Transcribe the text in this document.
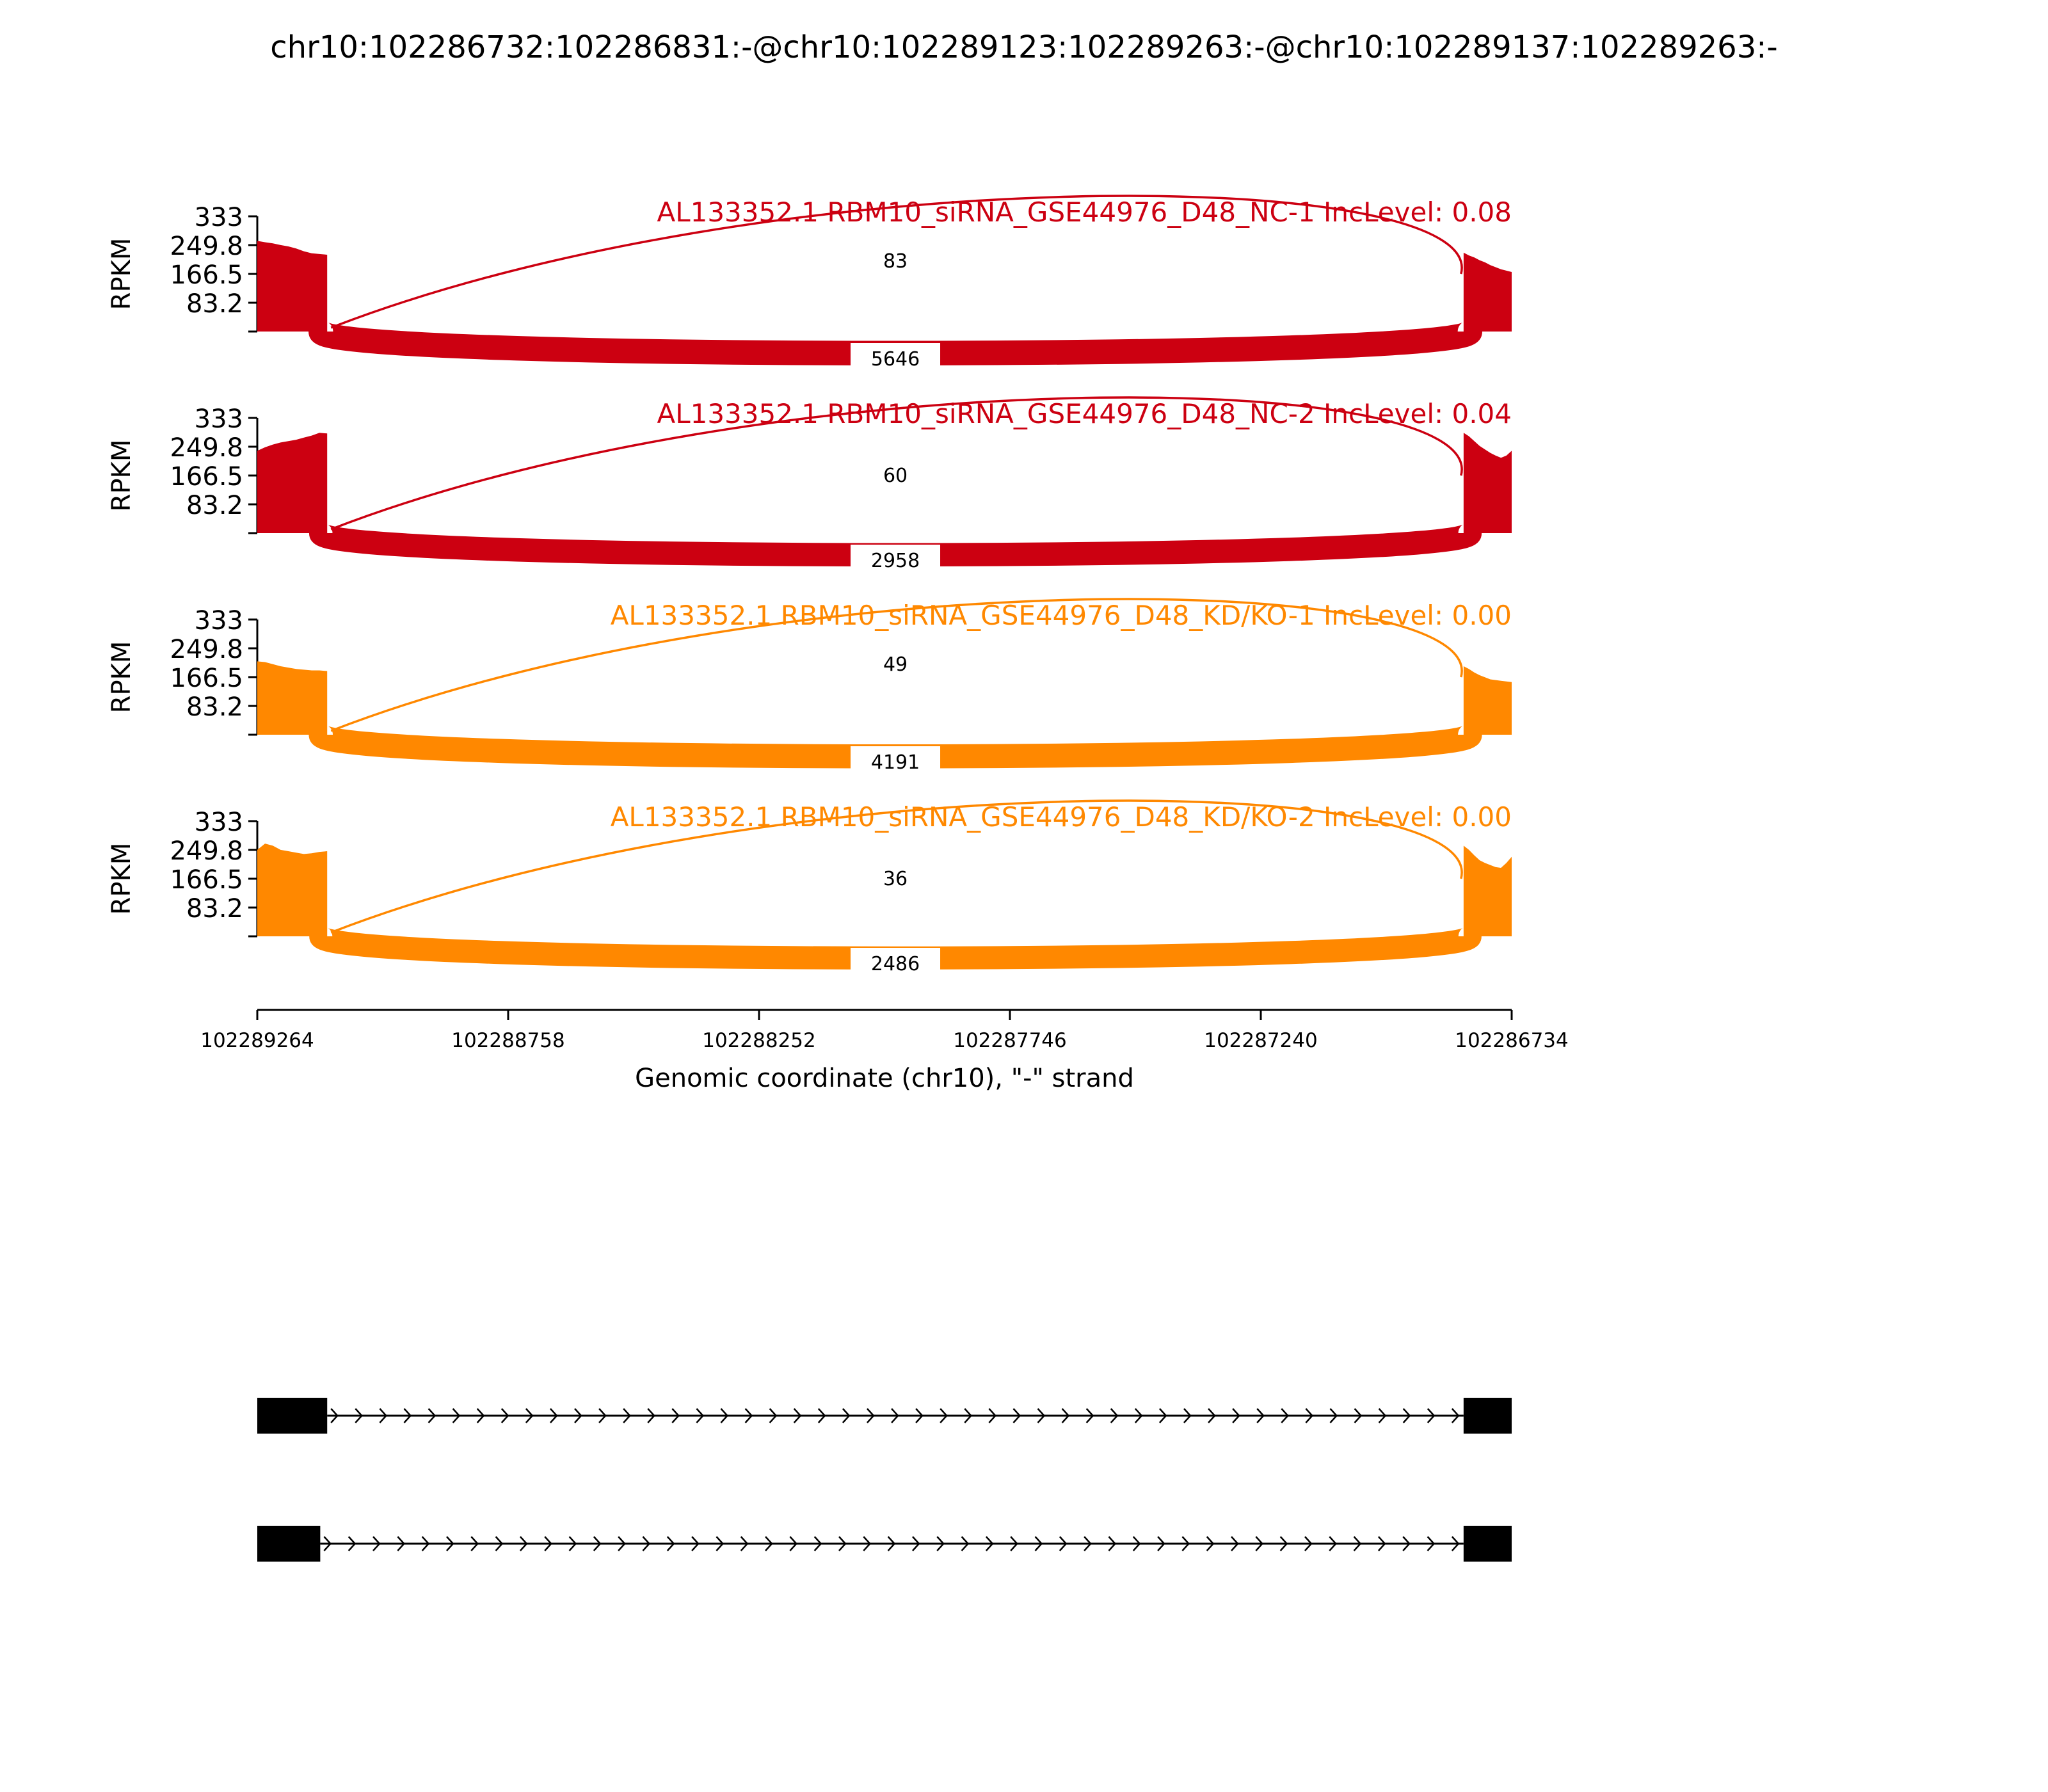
chr10:102286732:102286831:-@chr10:102289123:102289263:-@chr10:102289137:102289263:-
333
249.8
166.5
83.2
RPKM
AL133352.1 RBM10_siRNA_GSE44976_D48_NC-1 IncLevel: 0.08
83
5646
333
249.8
166.5
83.2
RPKM
AL133352.1 RBM10_siRNA_GSE44976_D48_NC-2 IncLevel: 0.04
60
2958
333
249.8
166.5
83.2
RPKM
AL133352.1 RBM10_siRNA_GSE44976_D48_KD/KO-1 IncLevel: 0.00
49
4191
333
249.8
166.5
83.2
RPKM
AL133352.1 RBM10_siRNA_GSE44976_D48_KD/KO-2 IncLevel: 0.00
36
2486
102289264	102288758	102288252	102287746	102287240	102286734
Genomic coordinate (chr10), "-" strand
